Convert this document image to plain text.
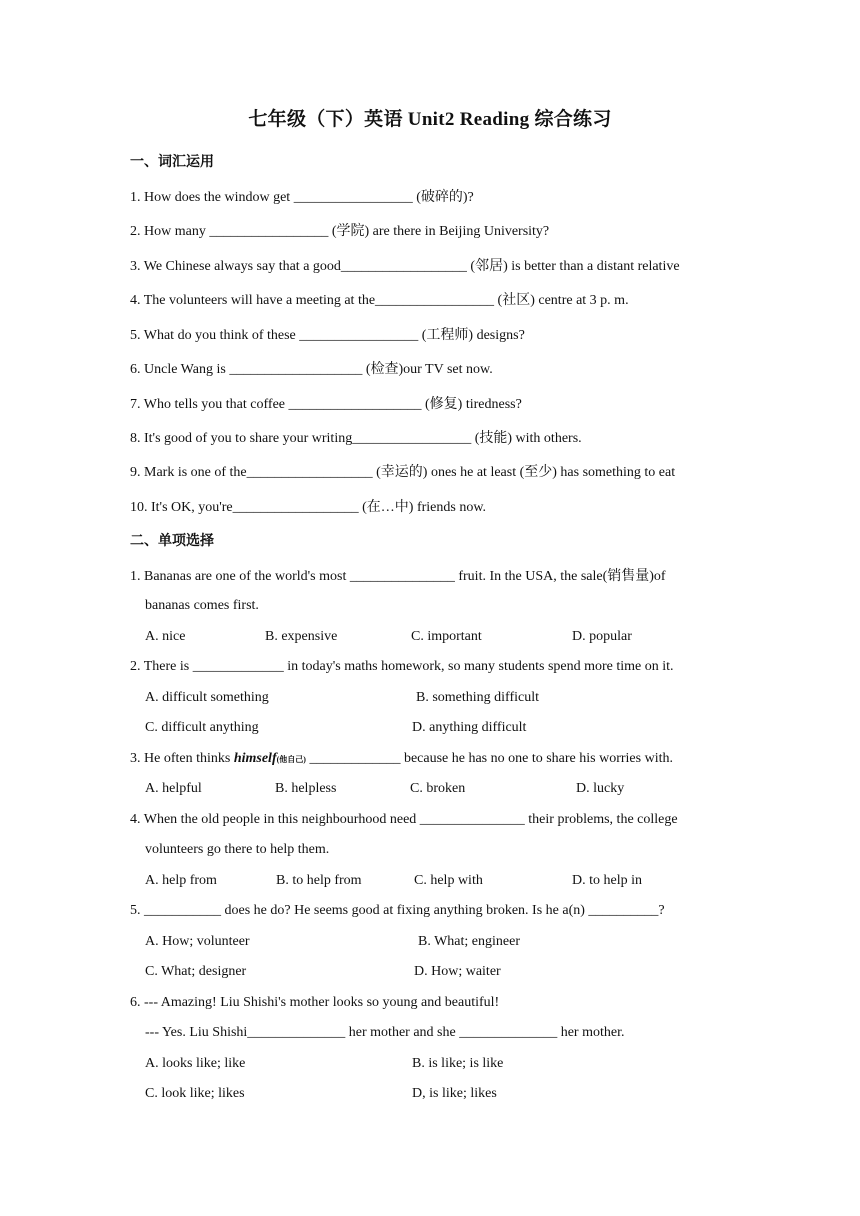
七年级（下）英语 Unit2 Reading 综合练习
一、词汇运用
1. How does the window get _________________ (破碎的)?
2. How many _________________ (学院) are there in Beijing University?
3. We Chinese always say that a good__________________ (邻居) is better than a distant relative
4. The volunteers will have a meeting at the_________________ (社区) centre at 3 p. m.
5. What do you think of these _________________ (工程师) designs?
6. Uncle Wang is ___________________ (检查)our TV set now.
7. Who tells you that coffee ___________________ (修复) tiredness?
8. It's good of you to share your writing_________________ (技能) with others.
9. Mark is one of the__________________ (幸运的) ones he at least (至少) has something to eat
10. It's OK, you're__________________ (在…中) friends now.
二、单项选择
1. Bananas are one of the world's most _______________ fruit. In the USA, the sale(销售量)of
bananas comes first.
A. nice	B. expensive	C. important	D. popular
2. There is _____________ in today's maths homework, so many students spend more time on it.
A. difficult something	B. something difficult
C. difficult anything	D. anything difficult
3. He often thinks himself(他自己) _____________ because he has no one to share his worries with.
A. helpful	B. helpless	C. broken	D. lucky
4. When the old people in this neighbourhood need _______________ their problems, the college
volunteers go there to help them.
A. help from	B. to help from	C. help with	D. to help in
5. ___________ does he do? He seems good at fixing anything broken. Is he a(n) __________?
A. How; volunteer	B. What; engineer
C. What; designer	D. How; waiter
6. --- Amazing! Liu Shishi's mother looks so young and beautiful!
--- Yes. Liu Shishi______________ her mother and she ______________ her mother.
A. looks like; like	B. is like; is like
C. look like; likes	D, is like; likes
